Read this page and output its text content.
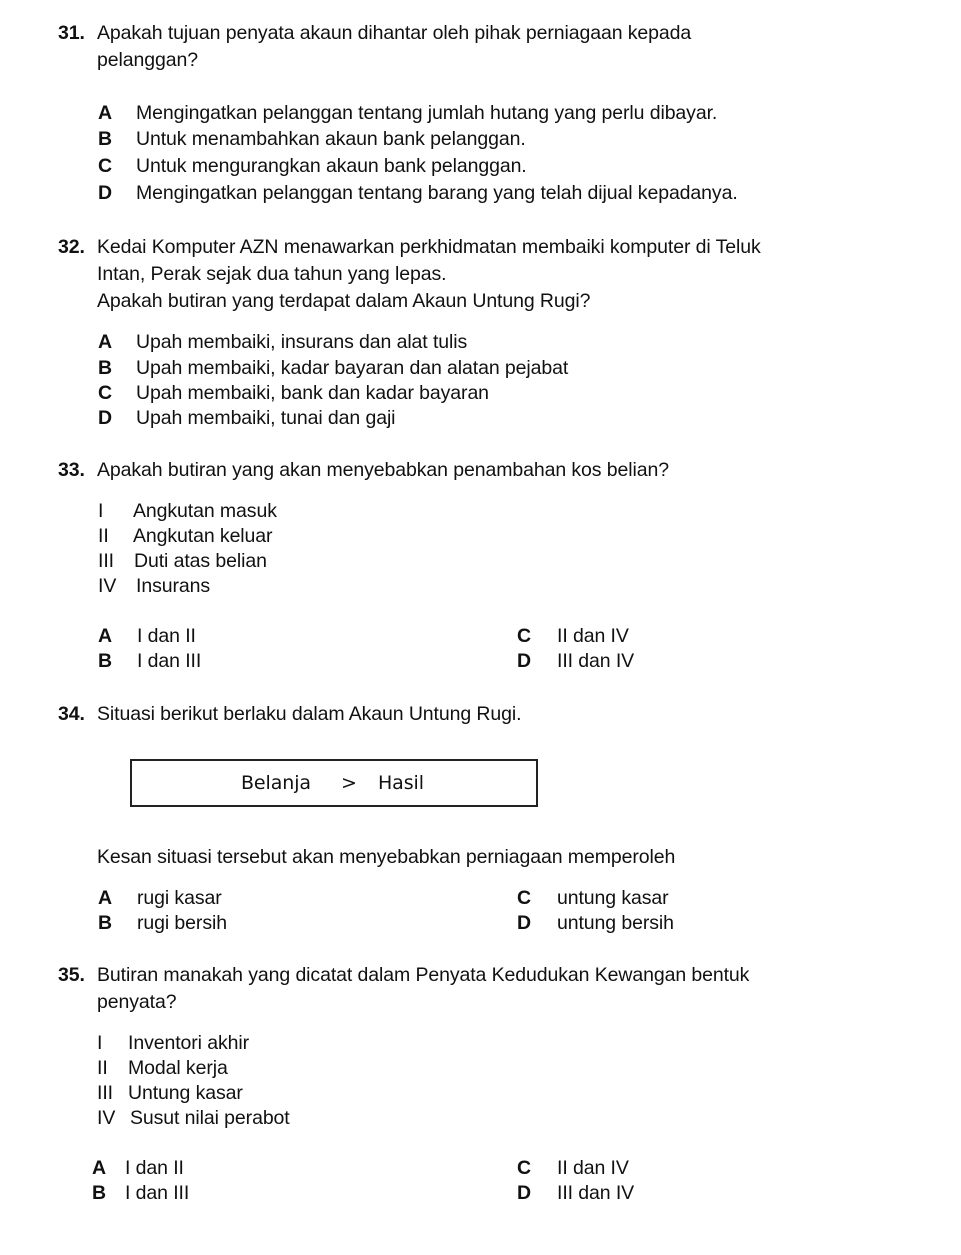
31. Apakah tujuan penyata akaun dihantar oleh pihak perniagaan kepada
pelanggan?
A Mengingatkan pelanggan tentang jumlah hutang yang perlu dibayar.
B Untuk menambahkan akaun bank pelanggan.
C Untuk mengurangkan akaun bank pelanggan.
D Mengingatkan pelanggan tentang barang yang telah dijual kepadanya.
32. Kedai Komputer AZN menawarkan perkhidmatan membaiki komputer di Teluk
Intan, Perak sejak dua tahun yang lepas.
Apakah butiran yang terdapat dalam Akaun Untung Rugi?
A Upah membaiki, insurans dan alat tulis
B Upah membaiki, kadar bayaran dan alatan pejabat
C Upah membaiki, bank dan kadar bayaran
D Upah membaiki, tunai dan gaji
33. Apakah butiran yang akan menyebabkan penambahan kos belian?
I Angkutan masuk
II Angkutan keluar
III Duti atas belian
IV Insurans
A I dan II
B I dan III
C II dan IV
D III dan IV
34. Situasi berikut berlaku dalam Akaun Untung Rugi.
Belanja > Hasil
Kesan situasi tersebut akan menyebabkan perniagaan memperoleh
A rugi kasar
B rugi bersih
C untung kasar
D untung bersih
35. Butiran manakah yang dicatat dalam Penyata Kedudukan Kewangan bentuk
penyata?
I Inventori akhir
II Modal kerja
III Untung kasar
IV Susut nilai perabot
A I dan II
B I dan III
C II dan IV
D III dan IV
